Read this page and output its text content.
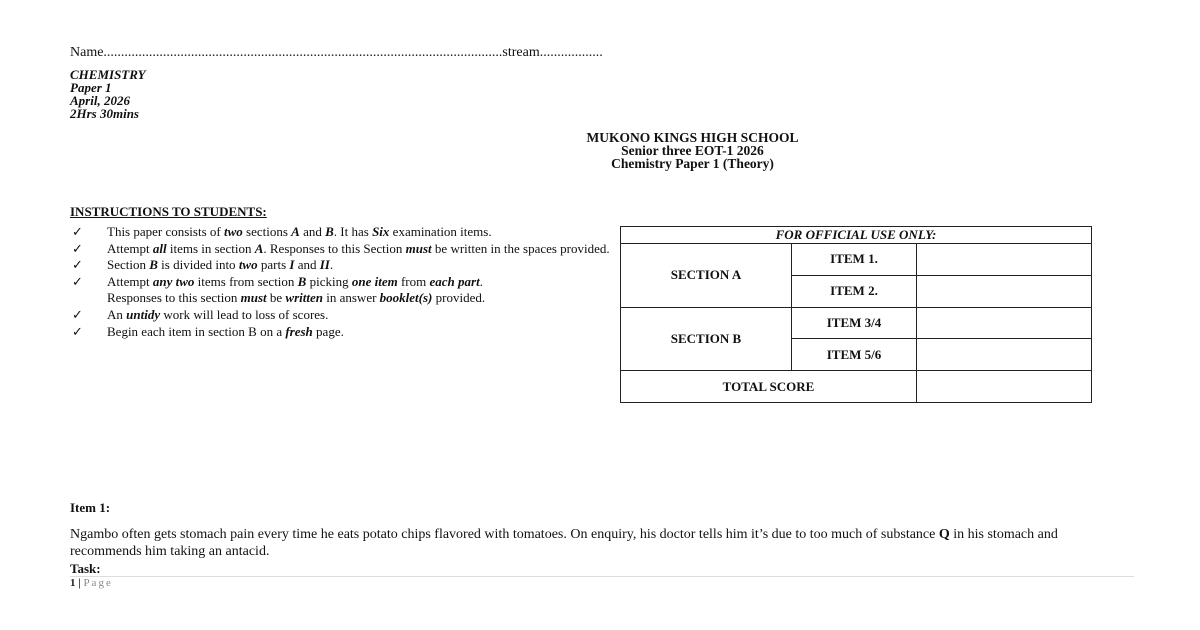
Name..................................................................................................................stream..................
CHEMISTRY
Paper 1
April, 2026
2Hrs 30mins
MUKONO KINGS HIGH SCHOOL
Senior three EOT-1 2026
Chemistry Paper 1 (Theory)
INSTRUCTIONS TO STUDENTS:
✓ This paper consists of two sections A and B. It has Six examination items.
✓ Attempt all items in section A. Responses to this Section must be written in the spaces provided.
✓ Section B is divided into two parts I and II.
✓ Attempt any two items from section B picking one item from each part.
Responses to this section must be written in answer booklet(s) provided.
✓ An untidy work will lead to loss of scores.
✓ Begin each item in section B on a fresh page.
FOR OFFICIAL USE ONLY:		
SECTION A	ITEM 1.	
	ITEM 2.	
SECTION B	ITEM 3/4	
	ITEM 5/6	
TOTAL SCORE		
Item 1:
Ngambo often gets stomach pain every time he eats potato chips flavored with tomatoes. On enquiry, his doctor tells him it’s due to too much of substance Q in his stomach and recommends him taking an antacid.
Task:
1 | Page
